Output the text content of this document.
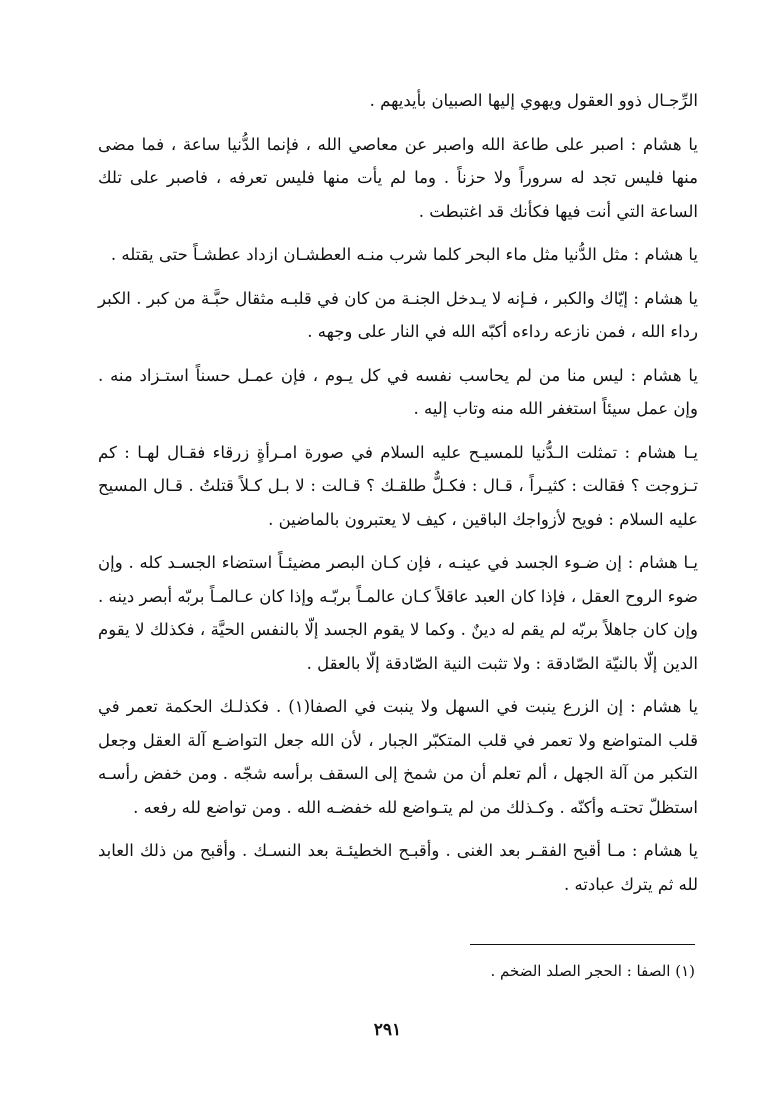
الرِّجـال ذوو العقول ويهوي إليها الصبيان بأيديهم .

يا هشام : اصبر على طاعة الله واصبر عن معاصي الله ، فإنما الدُّنيا ساعة ، فما مضى منها فليس تجد له سروراً ولا حزناً . وما لم يأت منها فليس تعرفه ، فاصبر على تلك الساعة التي أنت فيها فكأنك قد اغتبطت .

يا هشام : مثل الدُّنيا مثل ماء البحر كلما شرب منـه العطشـان ازداد عطشـاً حتى يقتله .

يا هشام : إيّاك والكبر ، فـإنه لا يـدخل الجنـة من كان في قلبـه مثقال حبَّـة من كبر . الكبر رداء الله ، فمن نازعه رداءه أكبّه الله في النار على وجهه .

يا هشام : ليس منا من لم يحاسب نفسه في كل يـوم ، فإن عمـل حسناً استـزاد منه . وإن عمل سيئاً استغفر الله منه وتاب إليه .

يـا هشام : تمثلت الـدُّنيا للمسيـح عليه السلام في صورة امـرأةٍ زرقاء فقـال لهـا : كم تـزوجت ؟ فقالت : كثيـراً ، قـال : فكـلٌّ طلقـك ؟ قـالت : لا بـل كـلاً قتلتُ . قـال المسيح عليه السلام : فويح لأزواجك الباقين ، كيف لا يعتبرون بالماضين .

يـا هشام : إن ضـوء الجسد في عينـه ، فإن كـان البصر مضيئـاً استضاء الجسـد كله . وإن ضوء الروح العقل ، فإذا كان العبد عاقلاً كـان عالمـاً بربّـه وإذا كان عـالمـاً بربّه أبصر دينه . وإن كان جاهلاً بربّه لم يقم له دينٌ . وكما لا يقوم الجسد إلّا بالنفس الحيَّة ، فكذلك لا يقوم الدين إلّا بالنيّة الصّادقة : ولا تثبت النية الصّادقة إلّا بالعقل .

يا هشام : إن الزرع ينبت في السهل ولا ينبت في الصفا(١) . فكذلـك الحكمة تعمر في قلب المتواضع ولا تعمر في قلب المتكبّر الجبار ، لأن الله جعل التواضـع آلة العقل وجعل التكبر من آلة الجهل ، ألم تعلم أن من شمخ إلى السقف برأسه شجّه . ومن خفض رأسـه استظلّ تحتـه وأكنّه . وكـذلك من لم يتـواضع لله خفضـه الله . ومن تواضع لله رفعه .

يا هشام : مـا أقبح الفقـر بعد الغنى . وأقبـح الخطيئـة بعد النسـك . وأقبح من ذلك العابد لله ثم يترك عبادته .

(١) الصفا : الحجر الصلد الضخم .
٢٩١
